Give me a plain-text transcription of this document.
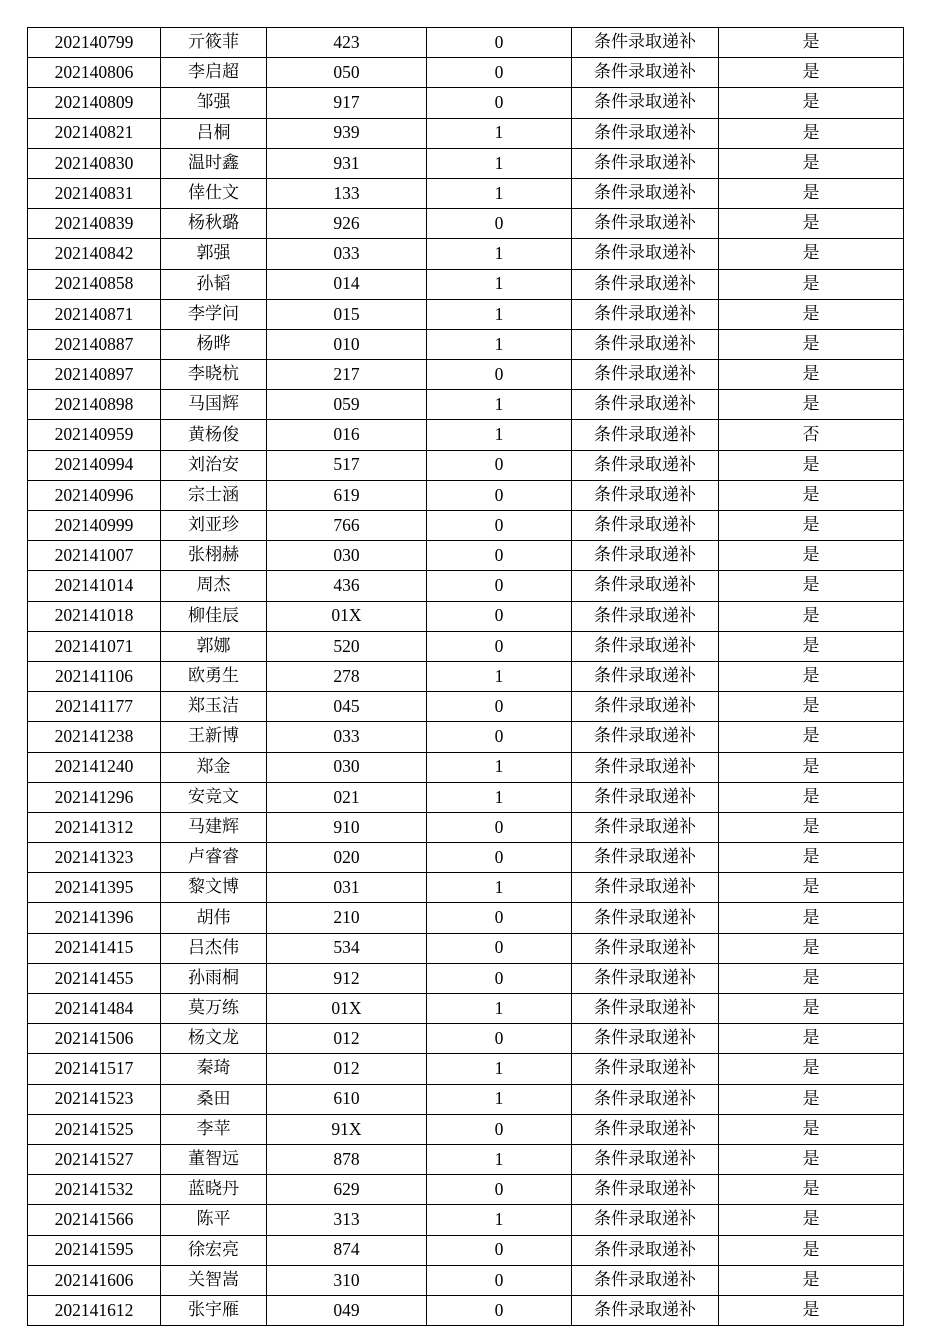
202140799	亓筱菲	423	0	条件录取递补	是
202140806	李启超	050	0	条件录取递补	是
202140809	邹强	917	0	条件录取递补	是
202140821	吕桐	939	1	条件录取递补	是
202140830	温时鑫	931	1	条件录取递补	是
202140831	倖仕文	133	1	条件录取递补	是
202140839	杨秋璐	926	0	条件录取递补	是
202140842	郭强	033	1	条件录取递补	是
202140858	孙韬	014	1	条件录取递补	是
202140871	李学问	015	1	条件录取递补	是
202140887	杨晔	010	1	条件录取递补	是
202140897	李晓杭	217	0	条件录取递补	是
202140898	马国辉	059	1	条件录取递补	是
202140959	黄杨俊	016	1	条件录取递补	否
202140994	刘治安	517	0	条件录取递补	是
202140996	宗士涵	619	0	条件录取递补	是
202140999	刘亚珍	766	0	条件录取递补	是
202141007	张栩赫	030	0	条件录取递补	是
202141014	周杰	436	0	条件录取递补	是
202141018	柳佳辰	01X	0	条件录取递补	是
202141071	郭娜	520	0	条件录取递补	是
202141106	欧勇生	278	1	条件录取递补	是
202141177	郑玉洁	045	0	条件录取递补	是
202141238	王新博	033	0	条件录取递补	是
202141240	郑金	030	1	条件录取递补	是
202141296	安竞文	021	1	条件录取递补	是
202141312	马建辉	910	0	条件录取递补	是
202141323	卢睿睿	020	0	条件录取递补	是
202141395	黎文博	031	1	条件录取递补	是
202141396	胡伟	210	0	条件录取递补	是
202141415	吕杰伟	534	0	条件录取递补	是
202141455	孙雨桐	912	0	条件录取递补	是
202141484	莫万练	01X	1	条件录取递补	是
202141506	杨文龙	012	0	条件录取递补	是
202141517	秦琦	012	1	条件录取递补	是
202141523	桑田	610	1	条件录取递补	是
202141525	李苹	91X	0	条件录取递补	是
202141527	董智远	878	1	条件录取递补	是
202141532	蓝晓丹	629	0	条件录取递补	是
202141566	陈平	313	1	条件录取递补	是
202141595	徐宏亮	874	0	条件录取递补	是
202141606	关智嵩	310	0	条件录取递补	是
202141612	张宇雁	049	0	条件录取递补	是
